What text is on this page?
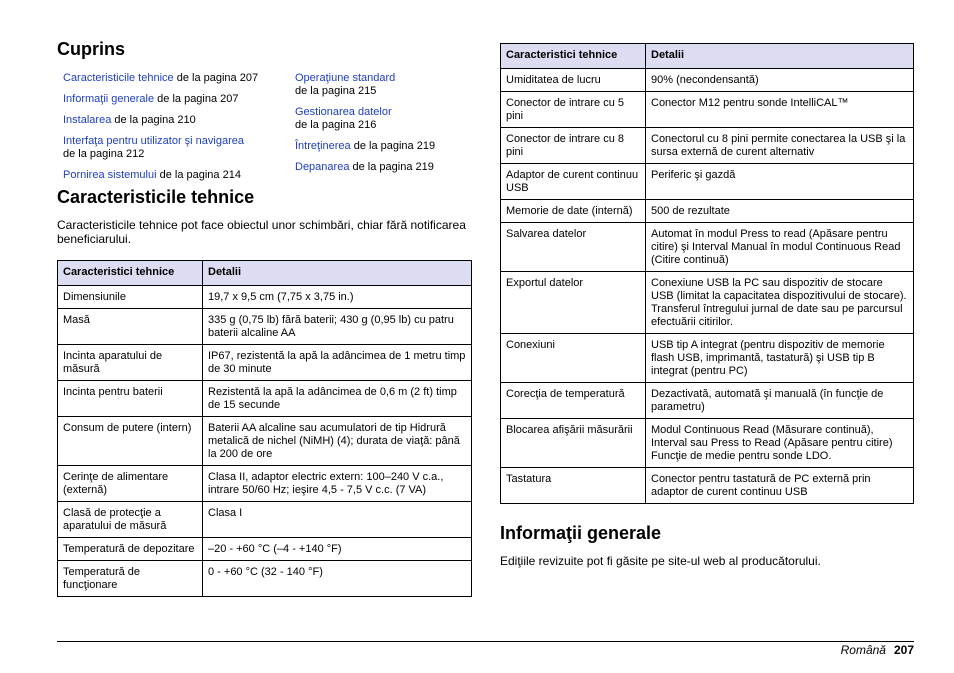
Cuprins
Caracteristicile tehnice de la pagina 207
Informaţii generale de la pagina 207
Instalarea de la pagina 210
Interfaţa pentru utilizator şi navigarea
de la pagina 212
Pornirea sistemului de la pagina 214
Operaţiune standard
de la pagina 215
Gestionarea datelor
de la pagina 216
Întreţinerea de la pagina 219
Depanarea de la pagina 219
Caracteristicile tehnice

Caracteristicile tehnice pot face obiectul unor schimbări, chiar fără notificarea beneficiarului.

Caracteristici tehnice	Detalii
Dimensiunile	19,7 x 9,5 cm (7,75 x 3,75 in.)
Masă	335 g (0,75 lb) fără baterii; 430 g (0,95 lb) cu patru baterii alcaline AA
Incinta aparatului de măsură	IP67, rezistentă la apă la adâncimea de 1 metru timp de 30 minute
Incinta pentru baterii	Rezistentă la apă la adâncimea de 0,6 m (2 ft) timp de 15 secunde
Consum de putere (intern)	Baterii AA alcaline sau acumulatori de tip Hidrură metalică de nichel (NiMH) (4); durata de viaţă: până la 200 de ore
Cerinţe de alimentare (externă)	Clasa II, adaptor electric extern: 100–240 V c.a., intrare 50/60 Hz; ieşire 4,5 - 7,5 V c.c. (7 VA)
Clasă de protecţie a aparatului de măsură	Clasa I
Temperatură de depozitare	–20 - +60 °C (–4 - +140 °F)
Temperatură de funcţionare	0 - +60 °C (32 - 140 °F)
Caracteristici tehnice	Detalii
Umiditatea de lucru	90% (necondensantă)
Conector de intrare cu 5 pini	Conector M12 pentru sonde IntelliCAL™
Conector de intrare cu 8 pini	Conectorul cu 8 pini permite conectarea la USB şi la sursa externă de curent alternativ
Adaptor de curent continuu USB	Periferic şi gazdă
Memorie de date (internă)	500 de rezultate
Salvarea datelor	Automat în modul Press to read (Apăsare pentru citire) şi Interval Manual în modul Continuous Read (Citire continuă)
Exportul datelor	Conexiune USB la PC sau dispozitiv de stocare USB (limitat la capacitatea dispozitivului de stocare). Transferul întregului jurnal de date sau pe parcursul efectuării citirilor.
Conexiuni	USB tip A integrat (pentru dispozitiv de memorie flash USB, imprimantă, tastatură) şi USB tip B integrat (pentru PC)
Corecţia de temperatură	Dezactivată, automată şi manuală (în funcţie de parametru)
Blocarea afişării măsurării	Modul Continuous Read (Măsurare continuă), Interval sau Press to Read (Apăsare pentru citire) Funcţie de medie pentru sonde LDO.
Tastatura	Conector pentru tastatură de PC externă prin adaptor de curent continuu USB
Informaţii generale

Ediţiile revizuite pot fi găsite pe site-ul web al producătorului.

Română 207
